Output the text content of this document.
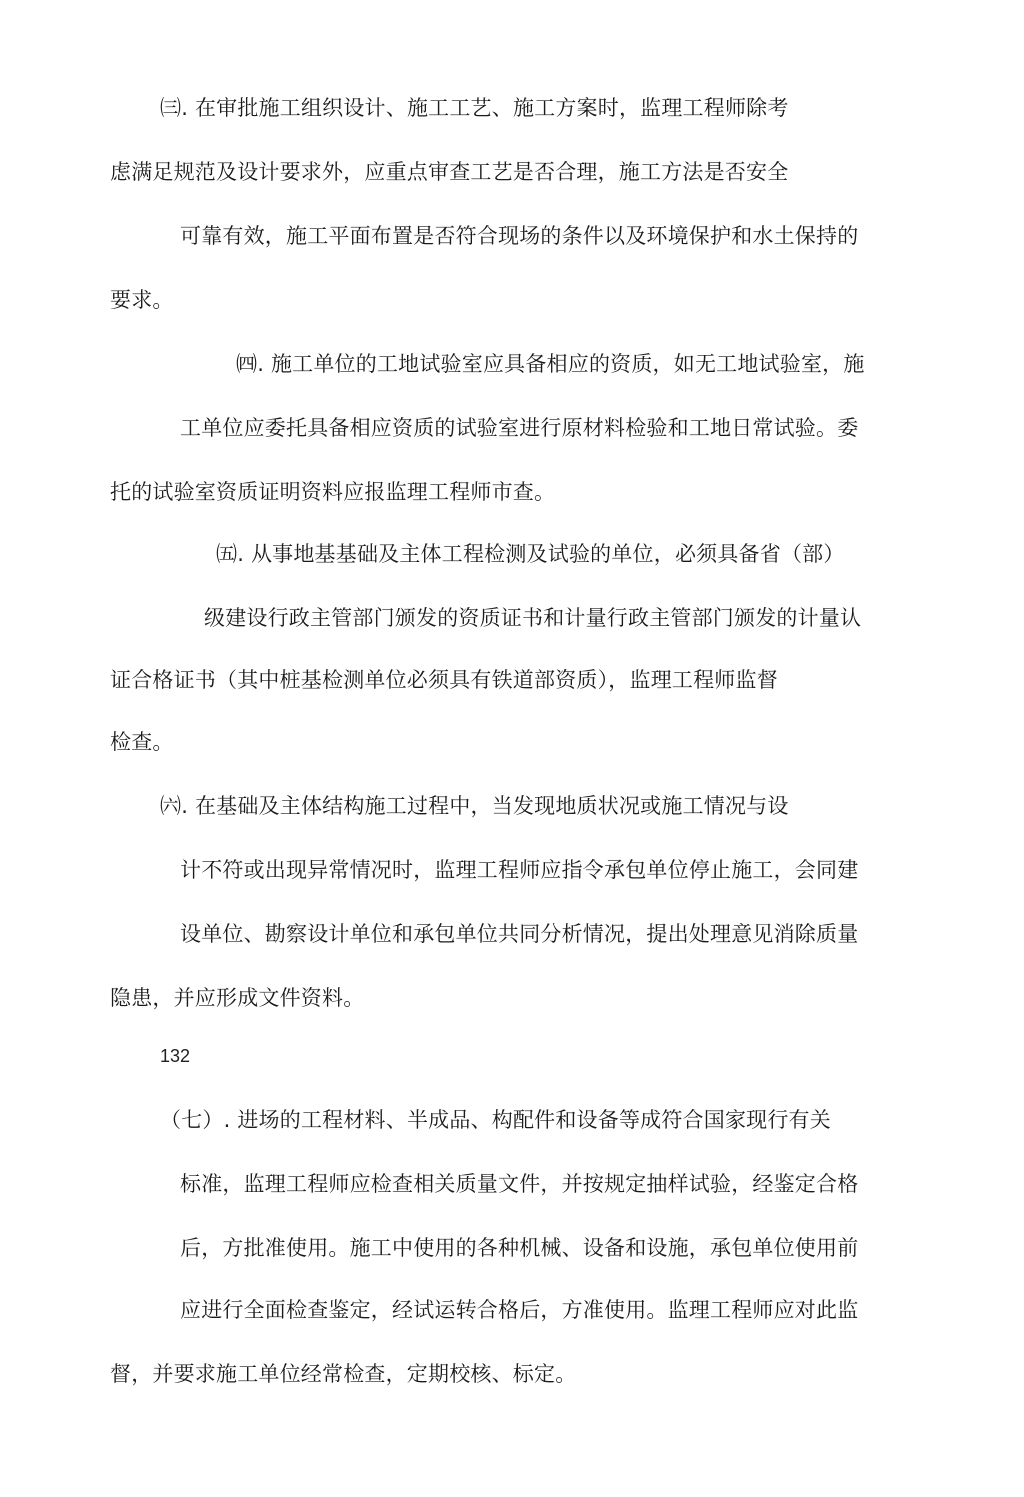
㈢. 在审批施工组织设计、施工工艺、施工方案时，监理工程师除考
虑满足规范及设计要求外，应重点审查工艺是否合理，施工方法是否安全
可靠有效，施工平面布置是否符合现场的条件以及环境保护和水土保持的
要求。
㈣. 施工单位的工地试验室应具备相应的资质，如无工地试验室，施
工单位应委托具备相应资质的试验室进行原材料检验和工地日常试验。委
托的试验室资质证明资料应报监理工程师市查。
㈤. 从事地基基础及主体工程检测及试验的单位，必须具备省（部）
级建设行政主管部门颁发的资质证书和计量行政主管部门颁发的计量认
证合格证书（其中桩基检测单位必须具有铁道部资质），监理工程师监督
检查。
㈥. 在基础及主体结构施工过程中，当发现地质状况或施工情况与设
计不符或出现异常情况时，监理工程师应指令承包单位停止施工，会同建
设单位、勘察设计单位和承包单位共同分析情况，提出处理意见消除质量
隐患，并应形成文件资料。
132
（七）. 进场的工程材料、半成品、构配件和设备等成符合国家现行有关
标准，监理工程师应检查相关质量文件，并按规定抽样试验，经鉴定合格
后，方批准使用。施工中使用的各种机械、设备和设施，承包单位使用前
应进行全面检查鉴定，经试运转合格后，方准使用。监理工程师应对此监
督，并要求施工单位经常检查，定期校核、标定。
